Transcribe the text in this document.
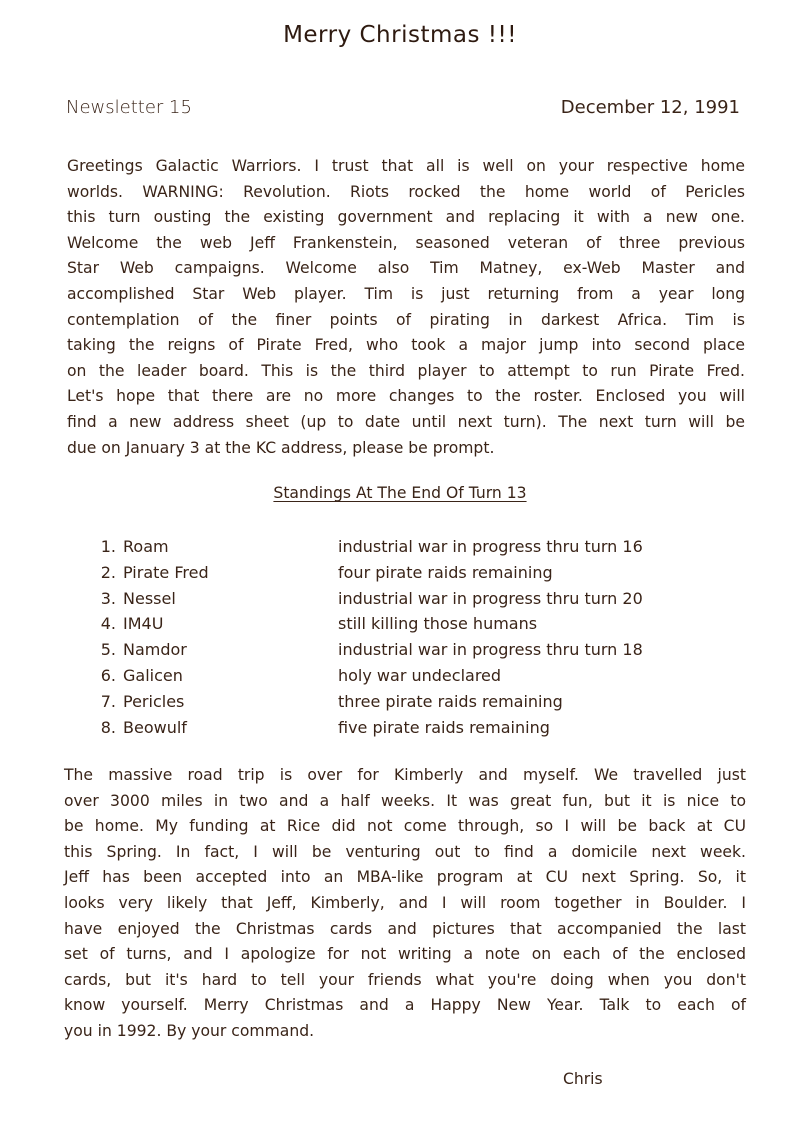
Merry Christmas !!!
Newsletter 15	December 12, 1991
Greetings Galactic Warriors. I trust that all is well on your respective home
worlds. WARNING: Revolution. Riots rocked the home world of Pericles
this turn ousting the existing government and replacing it with a new one.
Welcome the web Jeff Frankenstein, seasoned veteran of three previous
Star Web campaigns. Welcome also Tim Matney, ex-Web Master and
accomplished Star Web player. Tim is just returning from a year long
contemplation of the finer points of pirating in darkest Africa. Tim is
taking the reigns of Pirate Fred, who took a major jump into second place
on the leader board. This is the third player to attempt to run Pirate Fred.
Let's hope that there are no more changes to the roster. Enclosed you will
find a new address sheet (up to date until next turn). The next turn will be
due on January 3 at the KC address, please be prompt.
Standings At The End Of Turn 13
1. Roam	industrial war in progress thru turn 16
2. Pirate Fred	four pirate raids remaining
3. Nessel	industrial war in progress thru turn 20
4. IM4U	still killing those humans
5. Namdor	industrial war in progress thru turn 18
6. Galicen	holy war undeclared
7. Pericles	three pirate raids remaining
8. Beowulf	five pirate raids remaining
The massive road trip is over for Kimberly and myself. We travelled just
over 3000 miles in two and a half weeks. It was great fun, but it is nice to
be home. My funding at Rice did not come through, so I will be back at CU
this Spring. In fact, I will be venturing out to find a domicile next week.
Jeff has been accepted into an MBA-like program at CU next Spring. So, it
looks very likely that Jeff, Kimberly, and I will room together in Boulder. I
have enjoyed the Christmas cards and pictures that accompanied the last
set of turns, and I apologize for not writing a note on each of the enclosed
cards, but it's hard to tell your friends what you're doing when you don't
know yourself. Merry Christmas and a Happy New Year. Talk to each of
you in 1992. By your command.
Chris
